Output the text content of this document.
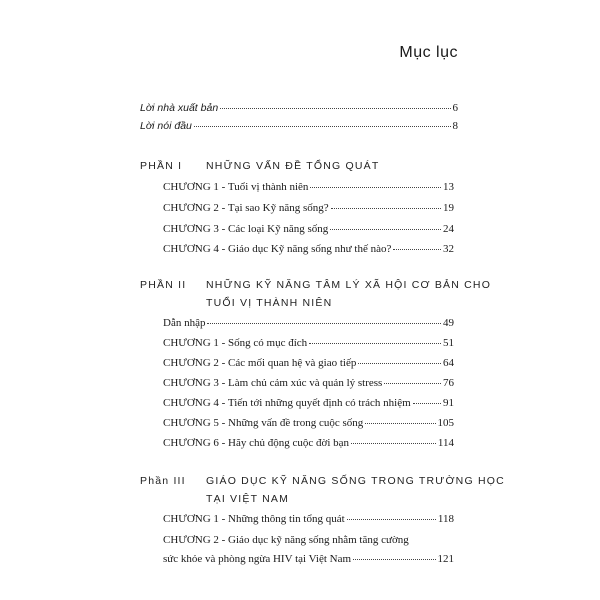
Mục lục
Lời nhà xuất bản	6
Lời nói đầu	8
PHẦN I	NHỮNG VẤN ĐỀ TỔNG QUÁT
CHƯƠNG 1 - Tuổi vị thành niên	13
CHƯƠNG 2 - Tại sao Kỹ năng sống?	19
CHƯƠNG 3 - Các loại Kỹ năng sống	24
CHƯƠNG 4 - Giáo dục Kỹ năng sống như thế nào?	32
PHẦN II	NHỮNG KỸ NĂNG TÂM LÝ XÃ HỘI CƠ BẢN CHO
TUỔI VỊ THÀNH NIÊN
Dẫn nhập	49
CHƯƠNG 1 - Sống có mục đích	51
CHƯƠNG 2 - Các mối quan hệ và giao tiếp	64
CHƯƠNG 3 - Làm chủ cảm xúc và quản lý stress	76
CHƯƠNG 4 - Tiến tới những quyết định có trách nhiệm	91
CHƯƠNG 5 - Những vấn đề trong cuộc sống	105
CHƯƠNG 6 - Hãy chủ động cuộc đời bạn	114
Phần III	GIÁO DỤC KỸ NĂNG SỐNG TRONG TRƯỜNG HỌC
TẠI VIỆT NAM
CHƯƠNG 1 - Những thông tin tổng quát	118
CHƯƠNG 2 - Giáo dục kỹ năng sống nhằm tăng cường
sức khỏe và phòng ngừa HIV tại Việt Nam	121
